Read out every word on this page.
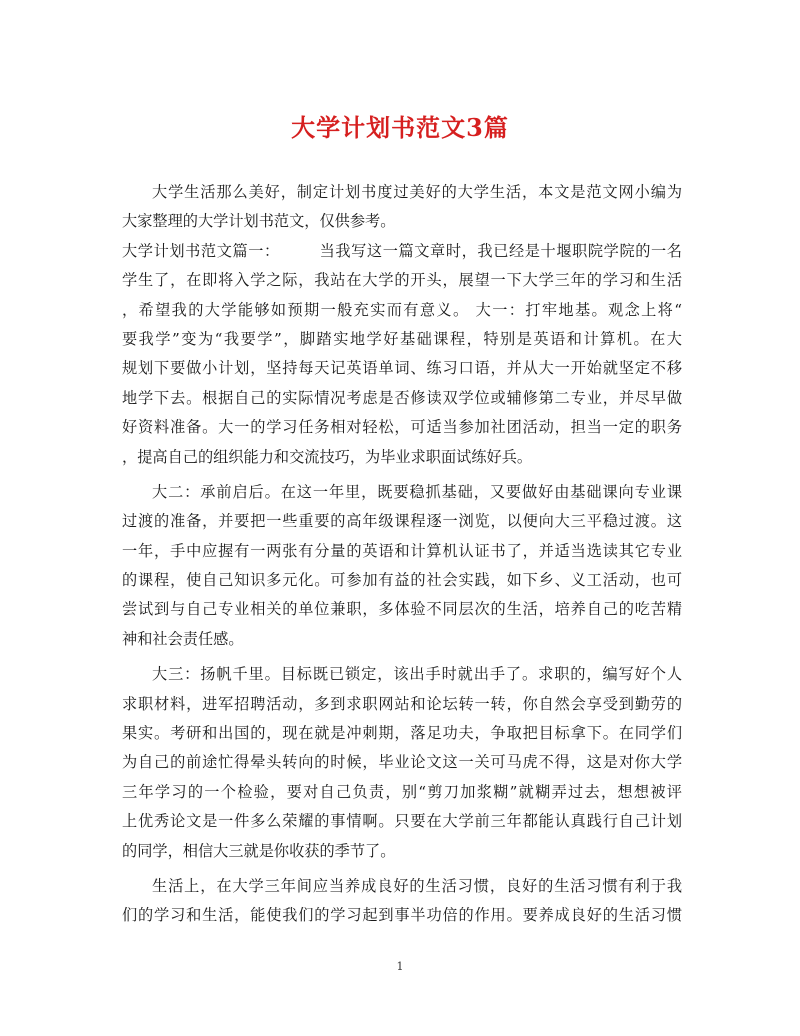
大学计划书范文3篇
大学生活那么美好，制定计划书度过美好的大学生活，本文是范文网小编为
大家整理的大学计划书范文，仅供参考。
大学计划书范文篇一：　　　当我写这一篇文章时，我已经是十堰职院学院的一名
学生了，在即将入学之际，我站在大学的开头，展望一下大学三年的学习和生活
，希望我的大学能够如预期一般充实而有意义。 大一：打牢地基。观念上将“
要我学”变为“我要学”，脚踏实地学好基础课程，特别是英语和计算机。在大
规划下要做小计划，坚持每天记英语单词、练习口语，并从大一开始就坚定不移
地学下去。根据自己的实际情况考虑是否修读双学位或辅修第二专业，并尽早做
好资料准备。大一的学习任务相对轻松，可适当参加社团活动，担当一定的职务
，提高自己的组织能力和交流技巧，为毕业求职面试练好兵。
大二：承前启后。在这一年里，既要稳抓基础，又要做好由基础课向专业课
过渡的准备，并要把一些重要的高年级课程逐一浏览，以便向大三平稳过渡。这
一年，手中应握有一两张有分量的英语和计算机认证书了，并适当选读其它专业
的课程，使自己知识多元化。可参加有益的社会实践，如下乡、义工活动，也可
尝试到与自己专业相关的单位兼职，多体验不同层次的生活，培养自己的吃苦精
神和社会责任感。
大三：扬帆千里。目标既已锁定，该出手时就出手了。求职的，编写好个人
求职材料，进军招聘活动，多到求职网站和论坛转一转，你自然会享受到勤劳的
果实。考研和出国的，现在就是冲刺期，落足功夫，争取把目标拿下。在同学们
为自己的前途忙得晕头转向的时候，毕业论文这一关可马虎不得，这是对你大学
三年学习的一个检验，要对自己负责，别“剪刀加浆糊”就糊弄过去，想想被评
上优秀论文是一件多么荣耀的事情啊。只要在大学前三年都能认真践行自己计划
的同学，相信大三就是你收获的季节了。
生活上，在大学三年间应当养成良好的生活习惯，良好的生活习惯有利于我
们的学习和生活，能使我们的学习起到事半功倍的作用。要养成良好的生活习惯
1
